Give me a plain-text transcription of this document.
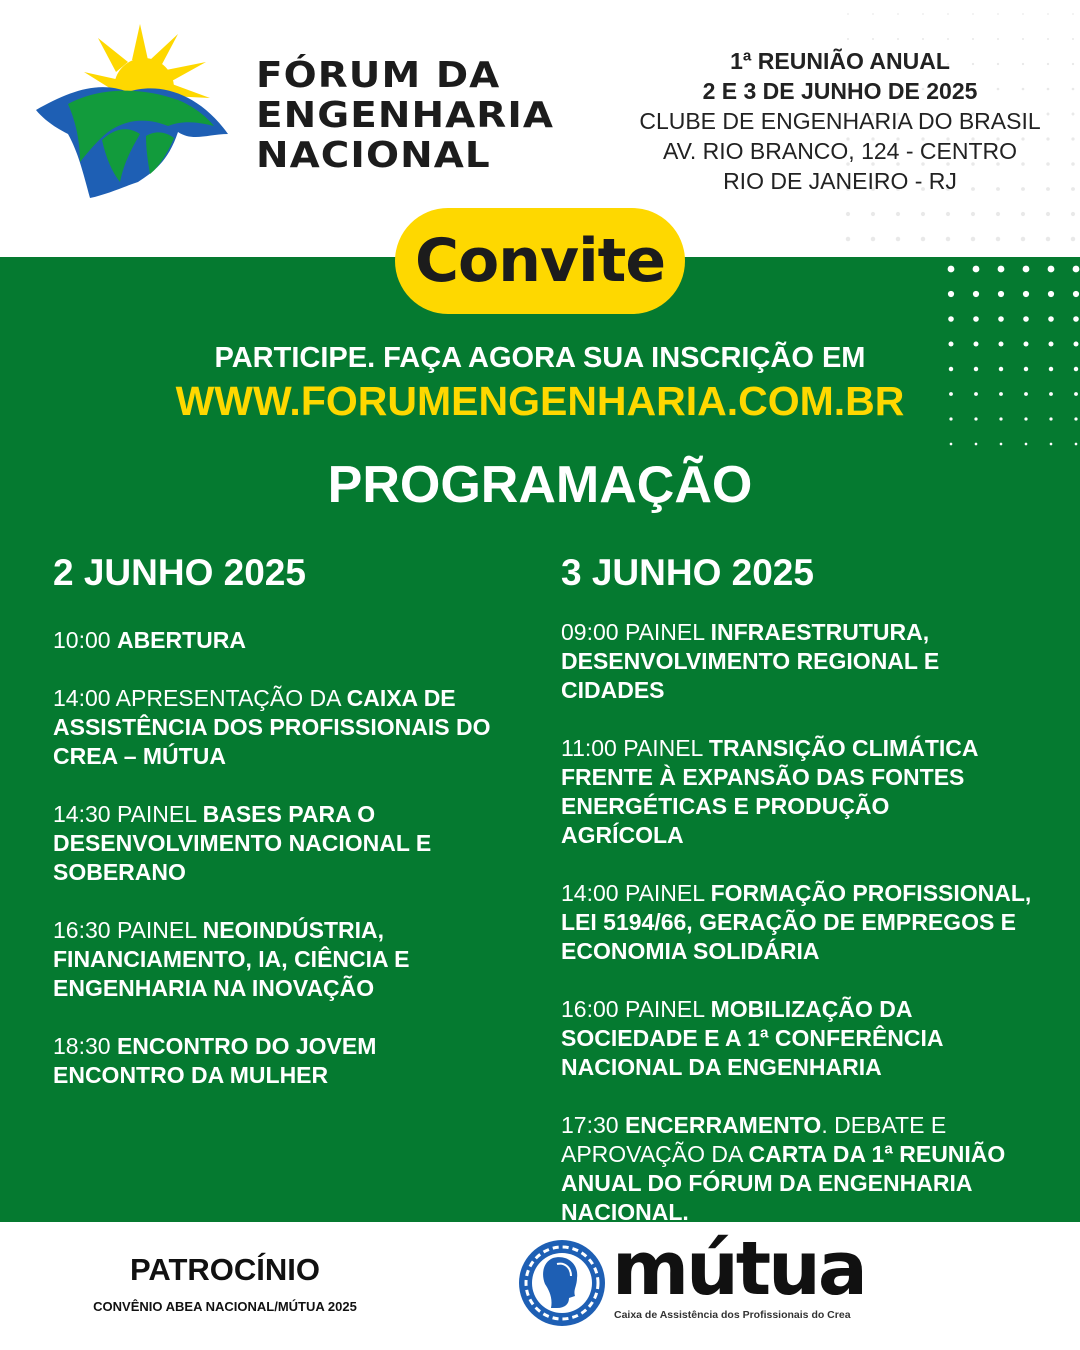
FÓRUM DA
ENGENHARIA
NACIONAL
1ª REUNIÃO ANUAL
2 E 3 DE JUNHO DE 2025
CLUBE DE ENGENHARIA DO BRASIL
AV. RIO BRANCO, 124 - CENTRO
RIO DE JANEIRO - RJ
Convite
PARTICIPE. FAÇA AGORA SUA INSCRIÇÃO EM
WWW.FORUMENGENHARIA.COM.BR
PROGRAMAÇÃO
2 JUNHO 2025
10:00 ABERTURA
14:00 APRESENTAÇÃO DA CAIXA DE ASSISTÊNCIA DOS PROFISSIONAIS DO CREA – MÚTUA
14:30 PAINEL BASES PARA O DESENVOLVIMENTO NACIONAL E SOBERANO
16:30 PAINEL NEOINDÚSTRIA, FINANCIAMENTO, IA, CIÊNCIA E ENGENHARIA NA INOVAÇÃO
18:30 ENCONTRO DO JOVEM ENCONTRO DA MULHER
3 JUNHO 2025
09:00 PAINEL INFRAESTRUTURA, DESENVOLVIMENTO REGIONAL E CIDADES
11:00 PAINEL TRANSIÇÃO CLIMÁTICA FRENTE À EXPANSÃO DAS FONTES ENERGÉTICAS E PRODUÇÃO AGRÍCOLA
14:00 PAINEL FORMAÇÃO PROFISSIONAL, LEI 5194/66, GERAÇÃO DE EMPREGOS E ECONOMIA SOLIDÁRIA
16:00 PAINEL MOBILIZAÇÃO DA SOCIEDADE E A 1ª CONFERÊNCIA NACIONAL DA ENGENHARIA
17:30 ENCERRAMENTO. DEBATE E APROVAÇÃO DA CARTA DA 1ª REUNIÃO ANUAL DO FÓRUM DA ENGENHARIA NACIONAL.
PATROCÍNIO
CONVÊNIO ABEA NACIONAL/MÚTUA 2025	mútua
Caixa de Assistência dos Profissionais do Crea
